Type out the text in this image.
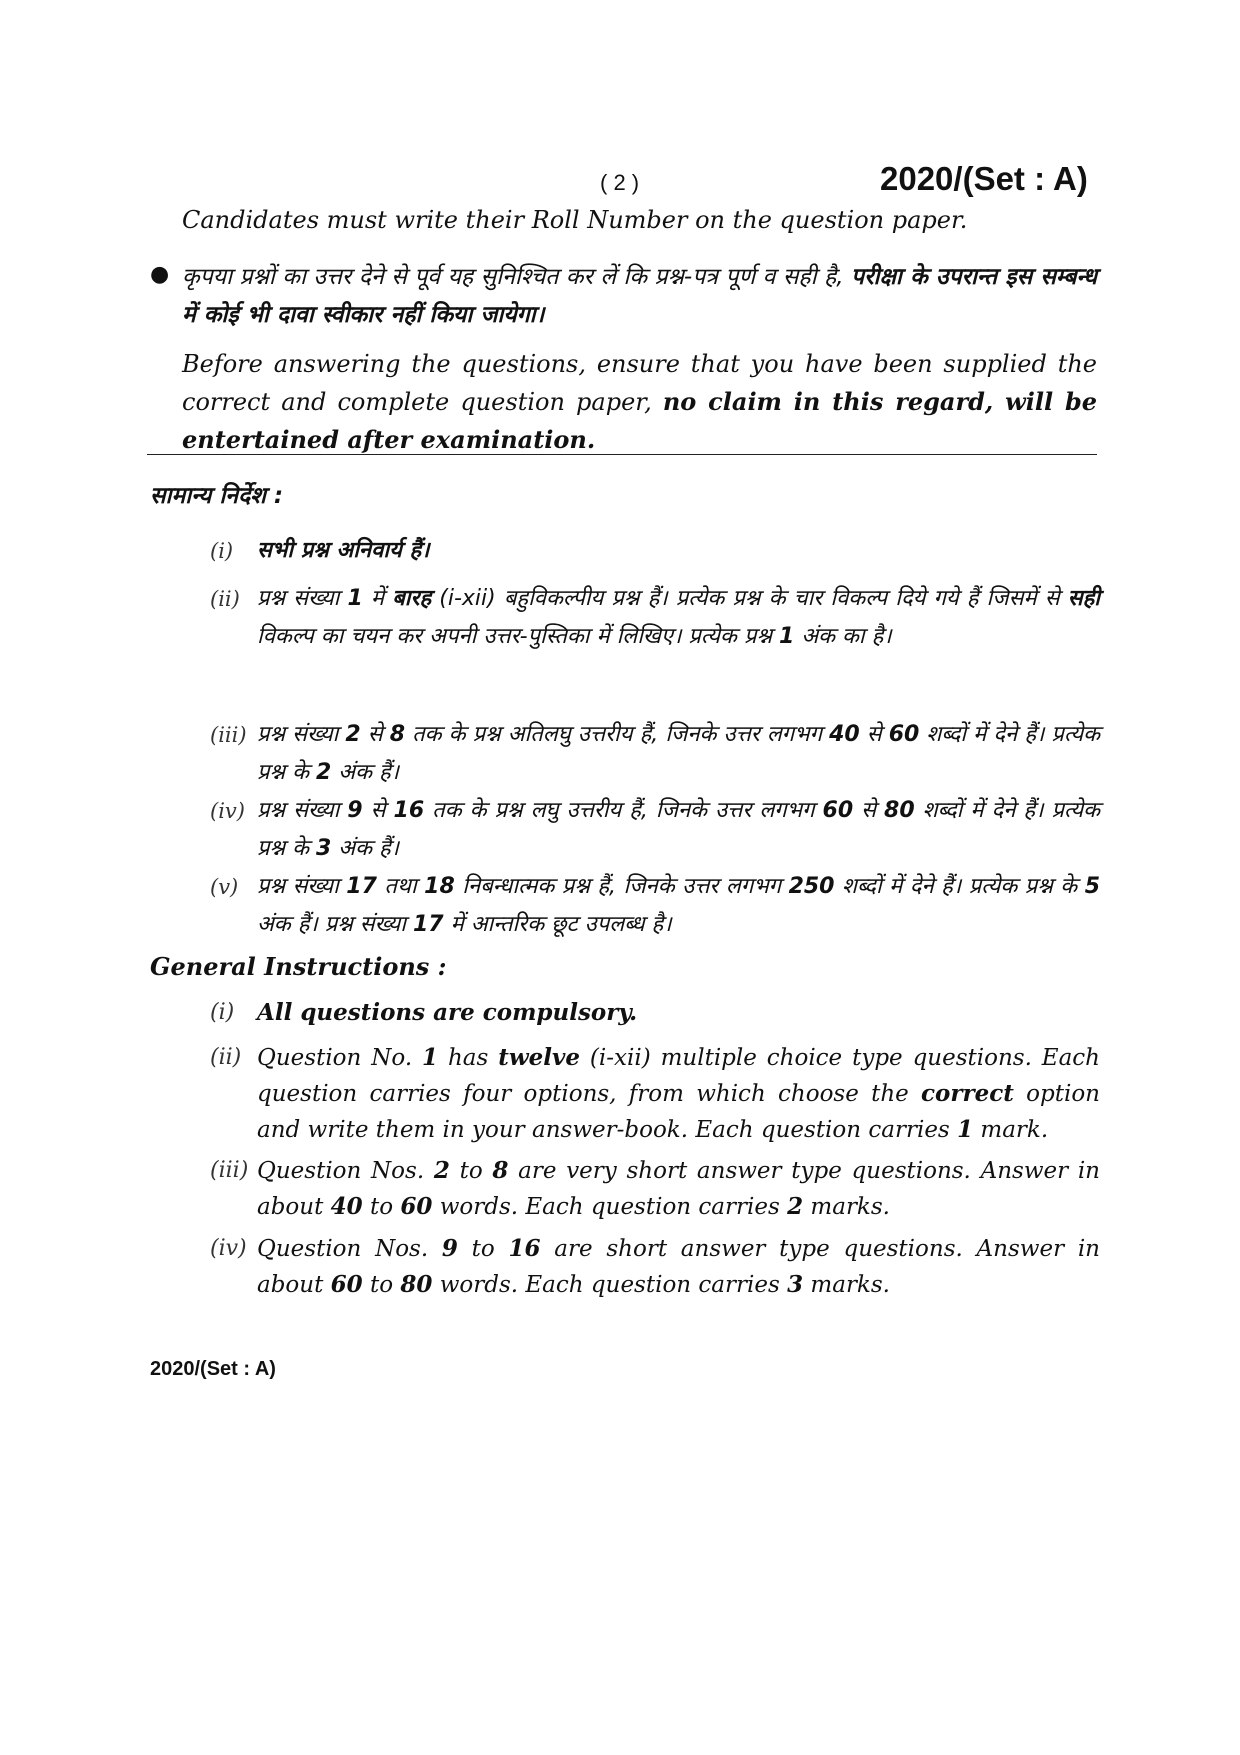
( 2 )	2020/(Set : A)
Candidates must write their Roll Number on the question paper.
● कृपया प्रश्नों का उत्तर देने से पूर्व यह सुनिश्चित कर लें कि प्रश्न-पत्र पूर्ण व सही है, परीक्षा के उपरान्त इस सम्बन्ध में कोई भी दावा स्वीकार नहीं किया जायेगा।
Before answering the questions, ensure that you have been supplied the correct and complete question paper, no claim in this regard, will be entertained after examination.
सामान्य निर्देश :
(i) सभी प्रश्न अनिवार्य हैं।
(ii) प्रश्न संख्या 1 में बारह (i-xii) बहुविकल्पीय प्रश्न हैं। प्रत्येक प्रश्न के चार विकल्प दिये गये हैं जिसमें से सही विकल्प का चयन कर अपनी उत्तर-पुस्तिका में लिखिए। प्रत्येक प्रश्न 1 अंक का है।
(iii) प्रश्न संख्या 2 से 8 तक के प्रश्न अतिलघु उत्तरीय हैं, जिनके उत्तर लगभग 40 से 60 शब्दों में देने हैं। प्रत्येक प्रश्न के 2 अंक हैं।
(iv) प्रश्न संख्या 9 से 16 तक के प्रश्न लघु उत्तरीय हैं, जिनके उत्तर लगभग 60 से 80 शब्दों में देने हैं। प्रत्येक प्रश्न के 3 अंक हैं।
(v) प्रश्न संख्या 17 तथा 18 निबन्धात्मक प्रश्न हैं, जिनके उत्तर लगभग 250 शब्दों में देने हैं। प्रत्येक प्रश्न के 5 अंक हैं। प्रश्न संख्या 17 में आन्तरिक छूट उपलब्ध है।
General Instructions :
(i) All questions are compulsory.
(ii) Question No. 1 has twelve (i-xii) multiple choice type questions. Each question carries four options, from which choose the correct option and write them in your answer-book. Each question carries 1 mark.
(iii) Question Nos. 2 to 8 are very short answer type questions. Answer in about 40 to 60 words. Each question carries 2 marks.
(iv) Question Nos. 9 to 16 are short answer type questions. Answer in about 60 to 80 words. Each question carries 3 marks.
2020/(Set : A)
